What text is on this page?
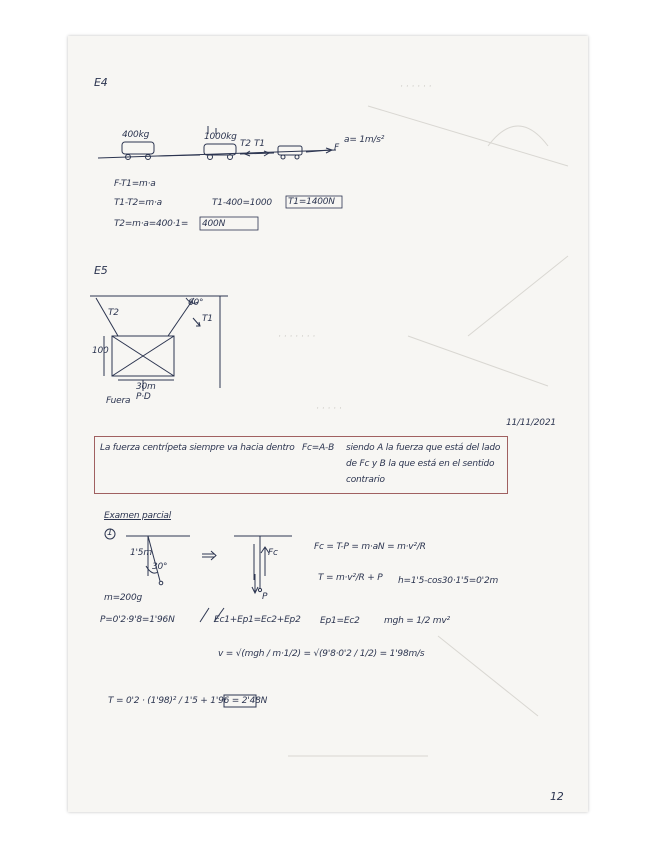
· · · · · ·
· · · · · · ·
· · · · ·
12
E4
400kg	1000kg
T2 T1	F
a= 1m/s²
F-T1=m·a
T1-T2=m·a	T1-400=1000 T1=1400N
T2=m·a=400·1= 400N
E5
60°
T2
T1
100
30m
P·D
Fuera
11/11/2021
La fuerza centrípeta siempre va hacia dentro Fc=A-B siendo A la fuerza que está del lado
de Fc y B la que está en el sentido
contrario
Examen parcial
1
1'5m
30°
Fc
P
Fc = T-P = m·aN = m·v²/R
T = m·v²/R + P h=1'5-cos30·1'5=0'2m
m=200g
P=0'2·9'8=1'96N	Ec1+Ep1=Ec2+Ep2 Ep1=Ec2	mgh = 1/2 mv²
v = √(mgh / m·1/2) = √(9'8·0'2 / 1/2) = 1'98m/s
T = 0'2 · (1'98)² / 1'5 + 1'96 = 2'48N
